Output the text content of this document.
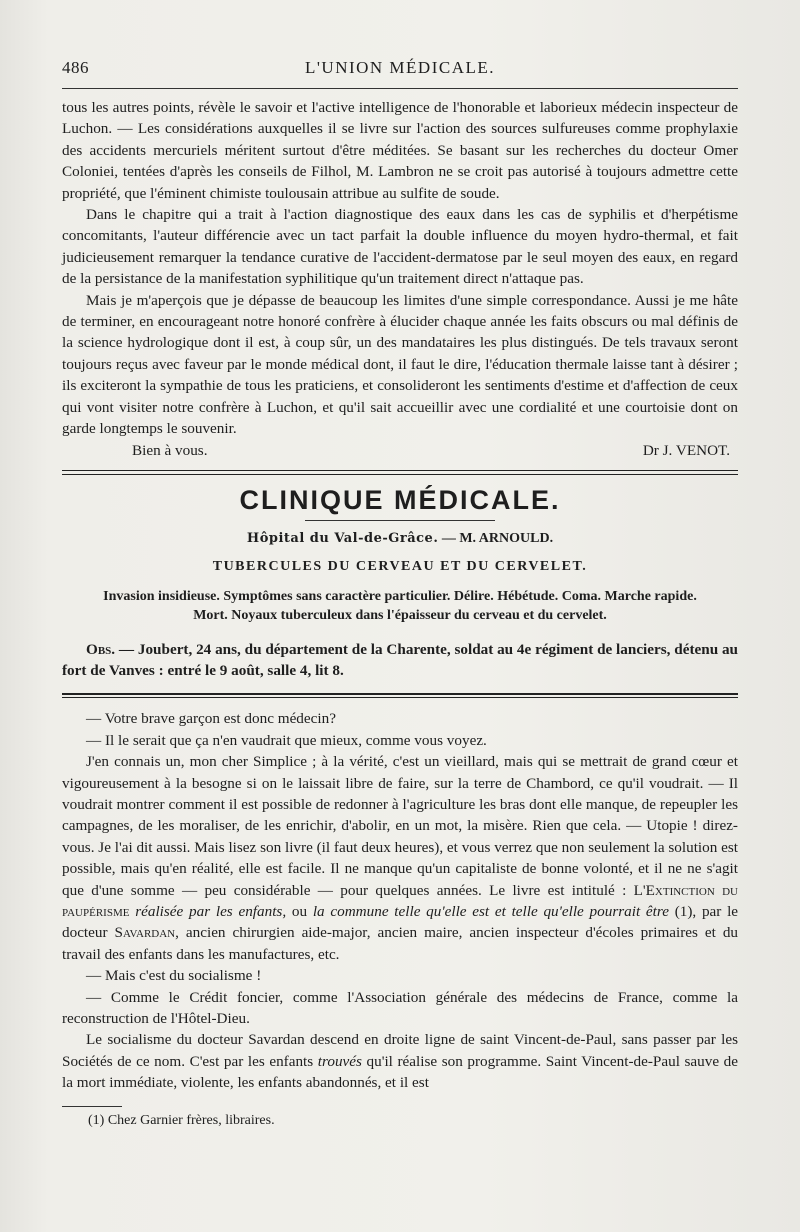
486	L'UNION MÉDICALE.

tous les autres points, révèle le savoir et l'active intelligence de l'honorable et laborieux médecin inspecteur de Luchon. — Les considérations auxquelles il se livre sur l'action des sources sulfureuses comme prophylaxie des accidents mercuriels méritent surtout d'être méditées. Se basant sur les recherches du docteur Omer Coloniei, tentées d'après les conseils de Filhol, M. Lambron ne se croit pas autorisé à toujours admettre cette propriété, que l'éminent chimiste toulousain attribue au sulfite de soude.

Dans le chapitre qui a trait à l'action diagnostique des eaux dans les cas de syphilis et d'herpétisme concomitants, l'auteur différencie avec un tact parfait la double influence du moyen hydro-thermal, et fait judicieusement remarquer la tendance curative de l'accident-dermatose par le seul moyen des eaux, en regard de la persistance de la manifestation syphilitique qu'un traitement direct n'attaque pas.

Mais je m'aperçois que je dépasse de beaucoup les limites d'une simple correspondance. Aussi je me hâte de terminer, en encourageant notre honoré confrère à élucider chaque année les faits obscurs ou mal définis de la science hydrologique dont il est, à coup sûr, un des mandataires les plus distingués. De tels travaux seront toujours reçus avec faveur par le monde médical dont, il faut le dire, l'éducation thermale laisse tant à désirer ; ils exciteront la sympathie de tous les praticiens, et consolideront les sentiments d'estime et d'affection de ceux qui vont visiter notre confrère à Luchon, et qu'il sait accueillir avec une cordialité et une courtoisie dont on garde longtemps le souvenir.

Bien à vous.	Dr J. VENOT.
CLINIQUE MÉDICALE.
Hôpital du Val-de-Grâce. — M. ARNOULD.
TUBERCULES DU CERVEAU ET DU CERVELET.
Invasion insidieuse. Symptômes sans caractère particulier. Délire. Hébétude. Coma. Marche rapide.
Mort. Noyaux tuberculeux dans l'épaisseur du cerveau et du cervelet.

Obs. — Joubert, 24 ans, du département de la Charente, soldat au 4e régiment de lanciers, détenu au fort de Vanves : entré le 9 août, salle 4, lit 8.

— Votre brave garçon est donc médecin?

— Il le serait que ça n'en vaudrait que mieux, comme vous voyez.

J'en connais un, mon cher Simplice ; à la vérité, c'est un vieillard, mais qui se mettrait de grand cœur et vigoureusement à la besogne si on le laissait libre de faire, sur la terre de Chambord, ce qu'il voudrait. — Il voudrait montrer comment il est possible de redonner à l'agriculture les bras dont elle manque, de repeupler les campagnes, de les moraliser, de les enrichir, d'abolir, en un mot, la misère. Rien que cela. — Utopie ! direz-vous. Je l'ai dit aussi. Mais lisez son livre (il faut deux heures), et vous verrez que non seulement la solution est possible, mais qu'en réalité, elle est facile. Il ne manque qu'un capitaliste de bonne volonté, et il ne ne s'agit que d'une somme — peu considérable — pour quelques années. Le livre est intitulé : L'Extinction du paupérisme réalisée par les enfants, ou la commune telle qu'elle est et telle qu'elle pourrait être (1), par le docteur Savardan, ancien chirurgien aide-major, ancien maire, ancien inspecteur d'écoles primaires et du travail des enfants dans les manufactures, etc.

— Mais c'est du socialisme !

— Comme le Crédit foncier, comme l'Association générale des médecins de France, comme la reconstruction de l'Hôtel-Dieu.

Le socialisme du docteur Savardan descend en droite ligne de saint Vincent-de-Paul, sans passer par les Sociétés de ce nom. C'est par les enfants trouvés qu'il réalise son programme. Saint Vincent-de-Paul sauve de la mort immédiate, violente, les enfants abandonnés, et il est

(1) Chez Garnier frères, libraires.
